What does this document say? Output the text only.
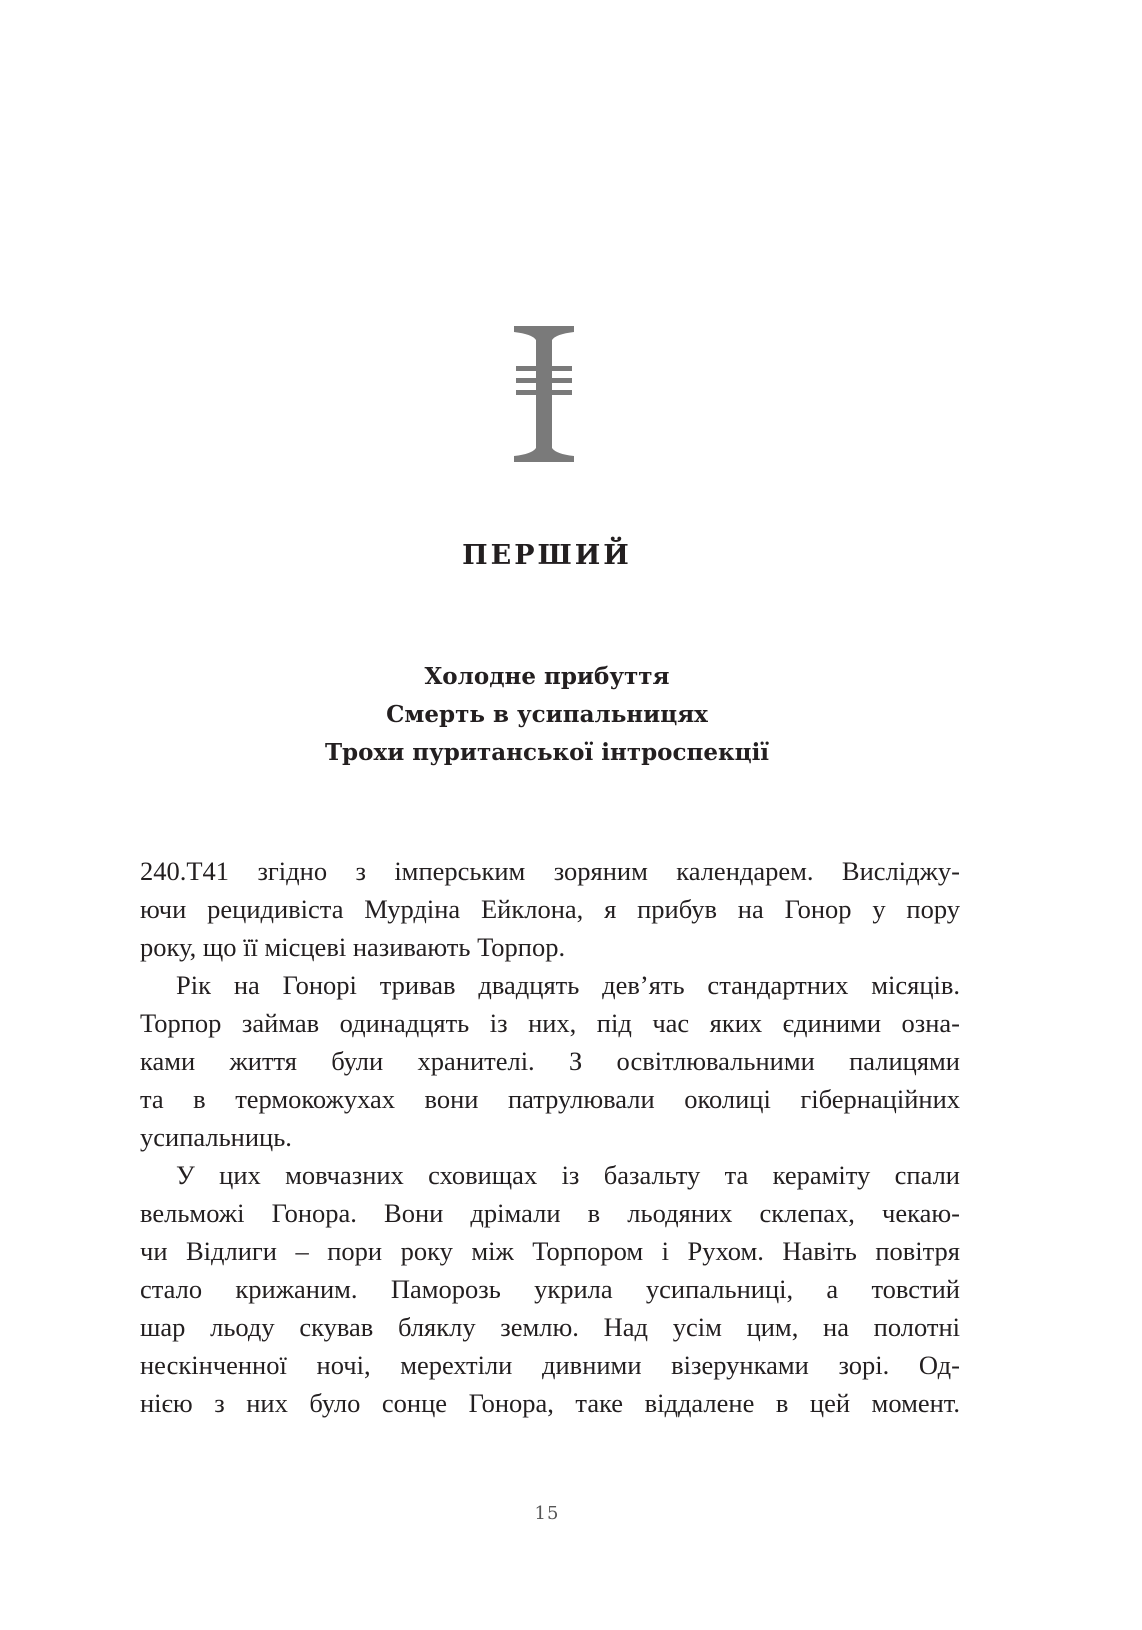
ПЕРШИЙ
Холодне прибуття
Смерть в усипальницях
Трохи пуританської інтроспекції
240.Т41 згідно з імперським зоряним календарем. Висліджу-
ючи рецидивіста Мурдіна Ейклона, я прибув на Гонор у пору
року, що її місцеві називають Торпор.
Рік на Гонорі тривав двадцять дев’ять стандартних місяців.
Торпор займав одинадцять із них, під час яких єдиними озна-
ками життя були хранителі. З освітлювальними палицями
та в термокожухах вони патрулювали околиці гібернаційних
усипальниць.
У цих мовчазних сховищах із базальту та кераміту спали
вельможі Гонора. Вони дрімали в льодяних склепах, чекаю-
чи Відлиги – пори року між Торпором і Рухом. Навіть повітря
стало крижаним. Паморозь укрила усипальниці, а товстий
шар льоду скував бляклу землю. Над усім цим, на полотні
нескінченної ночі, мерехтіли дивними візерунками зорі. Од-
нією з них було сонце Гонора, таке віддалене в цей момент.
15
